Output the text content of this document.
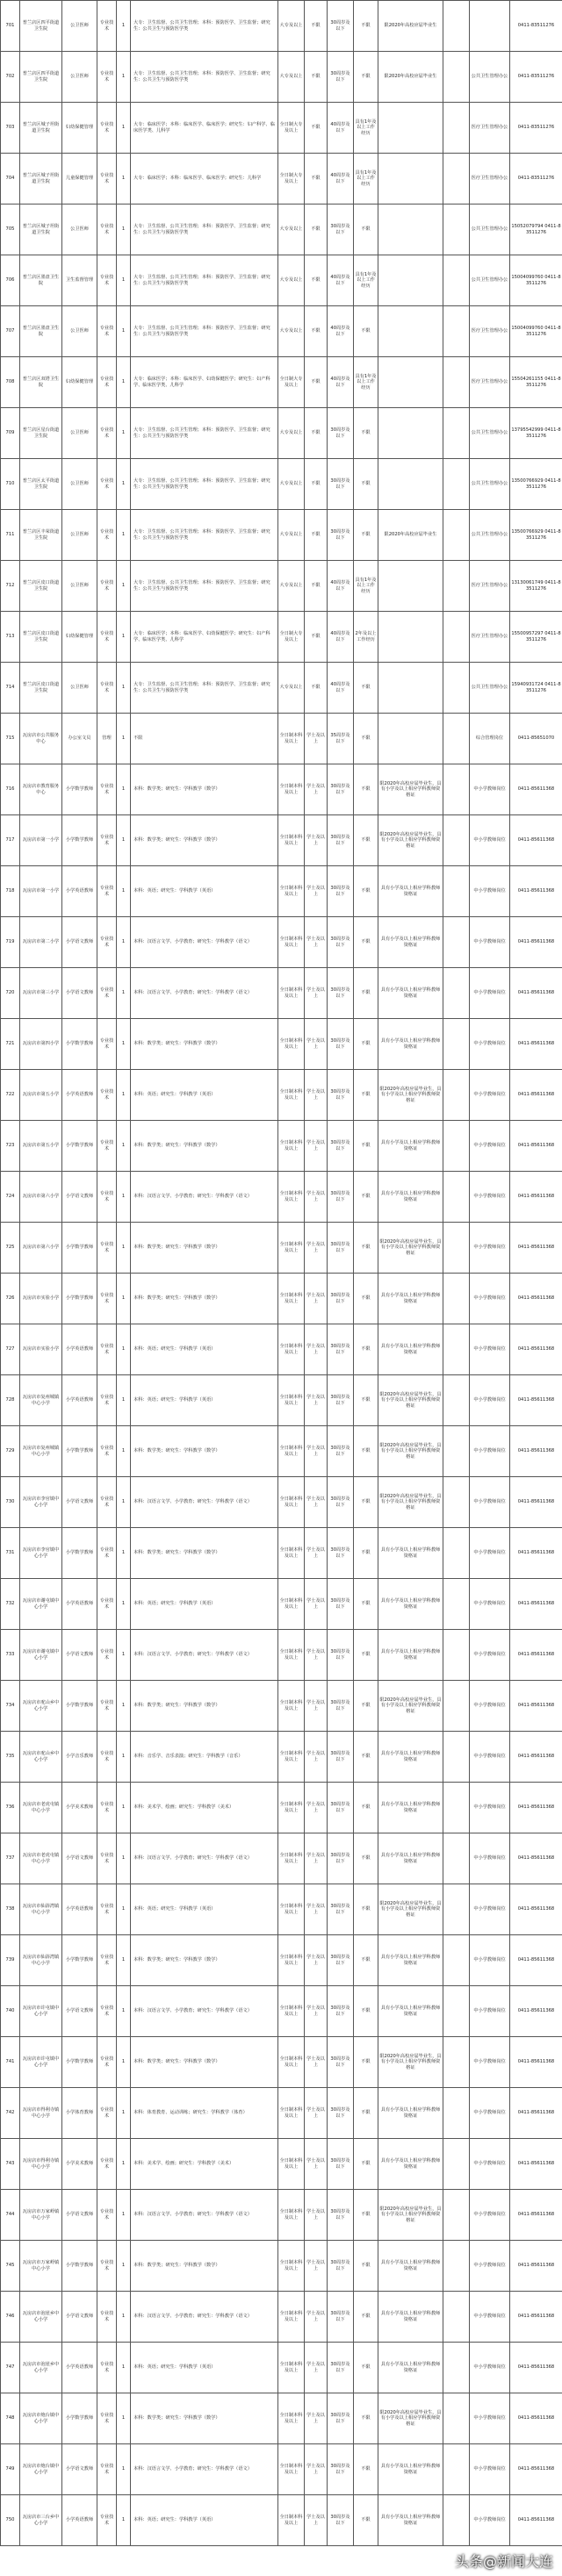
701	普兰店区四平街道卫生院	公卫医师	专业技术	1	大专：卫生监督、公共卫生管理；本科：预防医学、卫生监督；研究生：公共卫生与预防医学类	大专及以上	不限	30周岁及以下	不限	限2020年高校应届毕业生			0411-83511276
702	普兰店区四平街道卫生院	公卫医师	专业技术	1	大专：卫生监督、公共卫生管理；本科：预防医学、卫生监督；研究生：公共卫生与预防医学类	大专及以上	不限	30周岁及以下	不限	限2020年高校应届毕业生		公共卫生管理办公	0411-83511276
703	普兰店区城子坦街道卫生院	妇幼保健管理	专业技术	1	大专：临床医学；本科：临床医学、临床医学；研究生：妇产科学、临床医学类、儿科学	全日制大专及以上	不限	40周岁及以下	具有1年及以上工作经历			医疗卫生管理办公	0411-83511276
704	普兰店区城子坦街道卫生院	儿童保健管理	专业技术	1	大专：临床医学；本科：临床医学、临床医学；研究生：儿科学	全日制大专及以上	不限	40周岁及以下	具有1年及以上工作经历			医疗卫生管理办公	0411-83511276
705	普兰店区城子坦街道卫生院	公卫医师	专业技术	1	大专：卫生监督、公共卫生管理；本科：预防医学、卫生监督；研究生：公共卫生与预防医学类	大专及以上	不限	30周岁及以下	不限			公共卫生管理办公	15052079794 0411-83511276
706	普兰店区墨盘卫生院	卫生监督管理	专业技术	1	大专：卫生监督、公共卫生管理；本科：预防医学、卫生监督；研究生：公共卫生与预防医学类	大专及以上	不限	40周岁及以下	具有1年及以上工作经历			公共卫生管理办公	15004099760 0411-83511276
707	普兰店区墨盘卫生院	公卫医师	专业技术	1	大专：卫生监督、公共卫生管理；本科：预防医学、卫生监督；研究生：公共卫生与预防医学类	大专及以上	不限	40周岁及以下	不限			医疗卫生管理办公	15004099760 0411-83511276
708	普兰店区双塔卫生院	妇幼保健管理	专业技术	1	大专：临床医学；本科：临床医学、妇幼保健医学；研究生：妇产科学、临床医学类、儿科学	全日制大专及以上	不限	40周岁及以下	具有1年及以上工作经历			医疗卫生管理办公	15504261155 0411-83511276
709	普兰店区星台街道卫生院	公卫医师	专业技术	1	大专：卫生监督、公共卫生管理；本科：预防医学、卫生监督；研究生：公共卫生与预防医学类	大专及以上	不限	30周岁及以下	不限			公共卫生管理办公	13795542999 0411-83511276
710	普兰店区太平街道卫生院	公卫医师	专业技术	1	大专：卫生监督、公共卫生管理；本科：预防医学、卫生监督；研究生：公共卫生与预防医学类	大专及以上	不限	30周岁及以下	不限			公共卫生管理办公	13500766929 0411-83511276
711	普兰店区丰荣街道卫生院	公卫医师	专业技术	1	大专：卫生监督、公共卫生管理；本科：预防医学、卫生监督；研究生：公共卫生与预防医学类	大专及以上	不限	30周岁及以下	不限	限2020年高校应届毕业生		公共卫生管理办公	13500766929 0411-83511276
712	普兰店区皮口街道卫生院	公卫医师	专业技术	1	大专：卫生监督、公共卫生管理；本科：预防医学、卫生监督；研究生：公共卫生与预防医学类	大专及以上	不限	40周岁及以下	具有1年及以上工作经历			医疗卫生管理办公	13130061749 0411-83511276
713	普兰店区皮口街道卫生院	妇幼保健管理	专业技术	1	大专：临床医学；本科：临床医学、妇幼保健医学；研究生：妇产科学、临床医学类、儿科学	全日制大专及以上	不限	40周岁及以下	2年及以上工作经历			医疗卫生管理办公	15500957297 0411-83511276
714	普兰店区皮口街道卫生院	公卫医师	专业技术	1	大专：卫生监督、公共卫生管理；本科：预防医学、卫生监督；研究生：公共卫生与预防医学类	大专及以上	不限	40周岁及以下	不限			公共卫生管理办公	15940931724 0411-83511276
715	瓦房店市公共服务中心	办公室文员	管理	1	不限	全日制本科及以上	学士及以上	35周岁及以下	不限			综合管理岗位	0411-85651070
716	瓦房店市教育服务中心	小学数学教师	专业技术	1	本科：数学类；研究生：学科教学（数学）	全日制本科及以上	学士及以上	30周岁及以下	不限	限2020年高校应届毕业生，具有小学及以上相应学科教师资格证		中小学教师岗位	0411-85611368
717	瓦房店市第一小学	小学数学教师	专业技术	1	本科：数学类；研究生：学科教学（数学）	全日制本科及以上	学士及以上	30周岁及以下	不限	限2020年高校应届毕业生，具有小学及以上相应学科教师资格证		中小学教师岗位	0411-85611368
718	瓦房店市第一小学	小学英语教师	专业技术	1	本科：英语；研究生：学科教学（英语）	全日制本科及以上	学士及以上	30周岁及以下	不限	具有小学及以上相应学科教师资格证		中小学教师岗位	0411-85611368
719	瓦房店市第二小学	小学语文教师	专业技术	1	本科：汉语言文学、小学教育；研究生：学科教学（语文）	全日制本科及以上	学士及以上	30周岁及以下	不限	具有小学及以上相应学科教师资格证		中小学教师岗位	0411-85611368
720	瓦房店市第三小学	小学语文教师	专业技术	1	本科：汉语言文学、小学教育；研究生：学科教学（语文）	全日制本科及以上	学士及以上	30周岁及以下	不限	具有小学及以上相应学科教师资格证		中小学教师岗位	0411-85611368
721	瓦房店市第四小学	小学数学教师	专业技术	1	本科：数学类；研究生：学科教学（数学）	全日制本科及以上	学士及以上	30周岁及以下	不限	具有小学及以上相应学科教师资格证		中小学教师岗位	0411-85611368
722	瓦房店市第五小学	小学英语教师	专业技术	1	本科：英语；研究生：学科教学（英语）	全日制本科及以上	学士及以上	30周岁及以下	不限	限2020年高校应届毕业生，具有小学及以上相应学科教师资格证		中小学教师岗位	0411-85611368
723	瓦房店市第五小学	小学数学教师	专业技术	1	本科：数学类；研究生：学科教学（数学）	全日制本科及以上	学士及以上	30周岁及以下	不限	具有小学及以上相应学科教师资格证		中小学教师岗位	0411-85611368
724	瓦房店市第六小学	小学语文教师	专业技术	1	本科：汉语言文学、小学教育；研究生：学科教学（语文）	全日制本科及以上	学士及以上	30周岁及以下	不限	具有小学及以上相应学科教师资格证		中小学教师岗位	0411-85611368
725	瓦房店市第六小学	小学数学教师	专业技术	1	本科：数学类；研究生：学科教学（数学）	全日制本科及以上	学士及以上	30周岁及以下	不限	限2020年高校应届毕业生，具有小学及以上相应学科教师资格证		中小学教师岗位	0411-85611368
726	瓦房店市实验小学	小学数学教师	专业技术	1	本科：数学类；研究生：学科教学（数学）	全日制本科及以上	学士及以上	30周岁及以下	不限	具有小学及以上相应学科教师资格证		中小学教师岗位	0411-85611368
727	瓦房店市实验小学	小学英语教师	专业技术	1	本科：英语；研究生：学科教学（英语）	全日制本科及以上	学士及以上	30周岁及以下	不限	具有小学及以上相应学科教师资格证		中小学教师岗位	0411-85611368
728	瓦房店市复州城镇中心小学	小学英语教师	专业技术	1	本科：英语；研究生：学科教学（英语）	全日制本科及以上	学士及以上	30周岁及以下	不限	限2020年高校应届毕业生，具有小学及以上相应学科教师资格证		中小学教师岗位	0411-85611368
729	瓦房店市复州城镇中心小学	小学数学教师	专业技术	1	本科：数学类；研究生：学科教学（数学）	全日制本科及以上	学士及以上	30周岁及以下	不限	限2020年高校应届毕业生，具有小学及以上相应学科教师资格证		中小学教师岗位	0411-85611368
730	瓦房店市李官镇中心小学	小学语文教师	专业技术	1	本科：汉语言文学、小学教育；研究生：学科教学（语文）	全日制本科及以上	学士及以上	30周岁及以下	不限	限2020年高校应届毕业生，具有小学及以上相应学科教师资格证		中小学教师岗位	0411-85611368
731	瓦房店市李官镇中心小学	小学数学教师	专业技术	1	本科：数学类；研究生：学科教学（数学）	全日制本科及以上	学士及以上	30周岁及以下	不限	具有小学及以上相应学科教师资格证		中小学教师岗位	0411-85611368
732	瓦房店市谢屯镇中心小学	小学英语教师	专业技术	1	本科：英语；研究生：学科教学（英语）	全日制本科及以上	学士及以上	30周岁及以下	不限	具有小学及以上相应学科教师资格证		中小学教师岗位	0411-85611368
733	瓦房店市谢屯镇中心小学	小学语文教师	专业技术	1	本科：汉语言文学、小学教育；研究生：学科教学（语文）	全日制本科及以上	学士及以上	30周岁及以下	不限	具有小学及以上相应学科教师资格证		中小学教师岗位	0411-85611368
734	瓦房店市驼山乡中心小学	小学数学教师	专业技术	1	本科：数学类；研究生：学科教学（数学）	全日制本科及以上	学士及以上	30周岁及以下	不限	限2020年高校应届毕业生，具有小学及以上相应学科教师资格证		中小学教师岗位	0411-85611368
735	瓦房店市驼山乡中心小学	小学音乐教师	专业技术	1	本科：音乐学、音乐表演；研究生：学科教学（音乐）	全日制本科及以上	学士及以上	30周岁及以下	不限	具有小学及以上相应学科教师资格证		中小学教师岗位	0411-85611368
736	瓦房店市老虎屯镇中心小学	小学美术教师	专业技术	1	本科：美术学、绘画；研究生：学科教学（美术）	全日制本科及以上	学士及以上	30周岁及以下	不限	具有小学及以上相应学科教师资格证		中小学教师岗位	0411-85611368
737	瓦房店市老虎屯镇中心小学	小学语文教师	专业技术	1	本科：汉语言文学、小学教育；研究生：学科教学（语文）	全日制本科及以上	学士及以上	30周岁及以下	不限	具有小学及以上相应学科教师资格证		中小学教师岗位	0411-85611368
738	瓦房店市仙浴湾镇中心小学	小学英语教师	专业技术	1	本科：英语；研究生：学科教学（英语）	全日制本科及以上	学士及以上	30周岁及以下	不限	限2020年高校应届毕业生，具有小学及以上相应学科教师资格证		中小学教师岗位	0411-85611368
739	瓦房店市仙浴湾镇中心小学	小学数学教师	专业技术	1	本科：数学类；研究生：学科教学（数学）	全日制本科及以上	学士及以上	30周岁及以下	不限	具有小学及以上相应学科教师资格证		中小学教师岗位	0411-85611368
740	瓦房店市许屯镇中心小学	小学语文教师	专业技术	1	本科：汉语言文学、小学教育；研究生：学科教学（语文）	全日制本科及以上	学士及以上	30周岁及以下	不限	具有小学及以上相应学科教师资格证		中小学教师岗位	0411-85611368
741	瓦房店市许屯镇中心小学	小学数学教师	专业技术	1	本科：数学类；研究生：学科教学（数学）	全日制本科及以上	学士及以上	30周岁及以下	不限	限2020年高校应届毕业生，具有小学及以上相应学科教师资格证		中小学教师岗位	0411-85611368
742	瓦房店市得利寺镇中心小学	小学体育教师	专业技术	1	本科：体育教育、运动训练；研究生：学科教学（体育）	全日制本科及以上	学士及以上	30周岁及以下	不限	具有小学及以上相应学科教师资格证		中小学教师岗位	0411-85611368
743	瓦房店市得利寺镇中心小学	小学美术教师	专业技术	1	本科：美术学、绘画；研究生：学科教学（美术）	全日制本科及以上	学士及以上	30周岁及以下	不限	具有小学及以上相应学科教师资格证		中小学教师岗位	0411-85611368
744	瓦房店市万家岭镇中心小学	小学语文教师	专业技术	1	本科：汉语言文学、小学教育；研究生：学科教学（语文）	全日制本科及以上	学士及以上	30周岁及以下	不限	限2020年高校应届毕业生，具有小学及以上相应学科教师资格证		中小学教师岗位	0411-85611368
745	瓦房店市万家岭镇中心小学	小学数学教师	专业技术	1	本科：数学类；研究生：学科教学（数学）	全日制本科及以上	学士及以上	30周岁及以下	不限	具有小学及以上相应学科教师资格证		中小学教师岗位	0411-85611368
746	瓦房店市泡崖乡中心小学	小学语文教师	专业技术	1	本科：汉语言文学、小学教育；研究生：学科教学（语文）	全日制本科及以上	学士及以上	30周岁及以下	不限	具有小学及以上相应学科教师资格证		中小学教师岗位	0411-85611368
747	瓦房店市泡崖乡中心小学	小学英语教师	专业技术	1	本科：英语；研究生：学科教学（英语）	全日制本科及以上	学士及以上	30周岁及以下	不限	具有小学及以上相应学科教师资格证		中小学教师岗位	0411-85611368
748	瓦房店市炮台镇中心小学	小学数学教师	专业技术	1	本科：数学类；研究生：学科教学（数学）	全日制本科及以上	学士及以上	30周岁及以下	不限	限2020年高校应届毕业生，具有小学及以上相应学科教师资格证		中小学教师岗位	0411-85611368
749	瓦房店市炮台镇中心小学	小学语文教师	专业技术	1	本科：汉语言文学、小学教育；研究生：学科教学（语文）	全日制本科及以上	学士及以上	30周岁及以下	不限	具有小学及以上相应学科教师资格证		中小学教师岗位	0411-85611368
750	瓦房店市三台乡中心小学	小学英语教师	专业技术	1	本科：英语；研究生：学科教学（英语）	全日制本科及以上	学士及以上	30周岁及以下	不限	具有小学及以上相应学科教师资格证		中小学教师岗位	0411-85611368
头条@新闻大连
